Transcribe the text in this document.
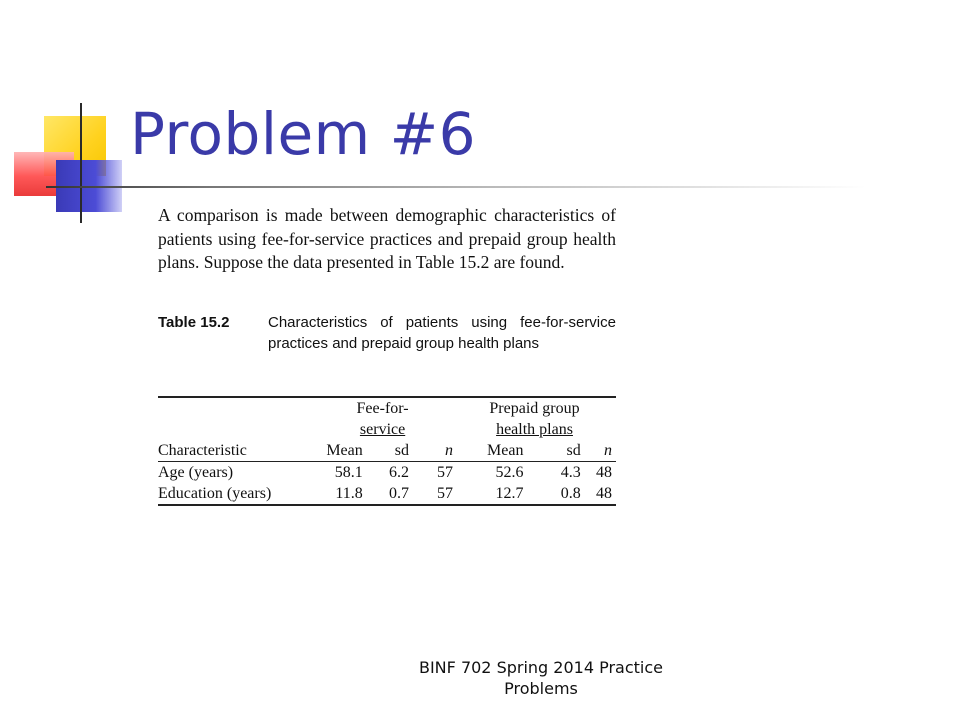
Problem #6

A comparison is made between demographic characteristics of patients using fee-for-service practices and prepaid group health plans. Suppose the data presented in Table 15.2 are found.

Table 15.2	Characteristics of patients using fee-for-service practices and prepaid group health plans
	Fee-for-			Prepaid group		
	service			health plans		
Characteristic	Mean	sd	n	Mean	sd	n
Age (years)	58.1	6.2	57	52.6	4.3	48
Education (years)	11.8	0.7	57	12.7	0.8	48
BINF 702 Spring 2014 Practice Problems
